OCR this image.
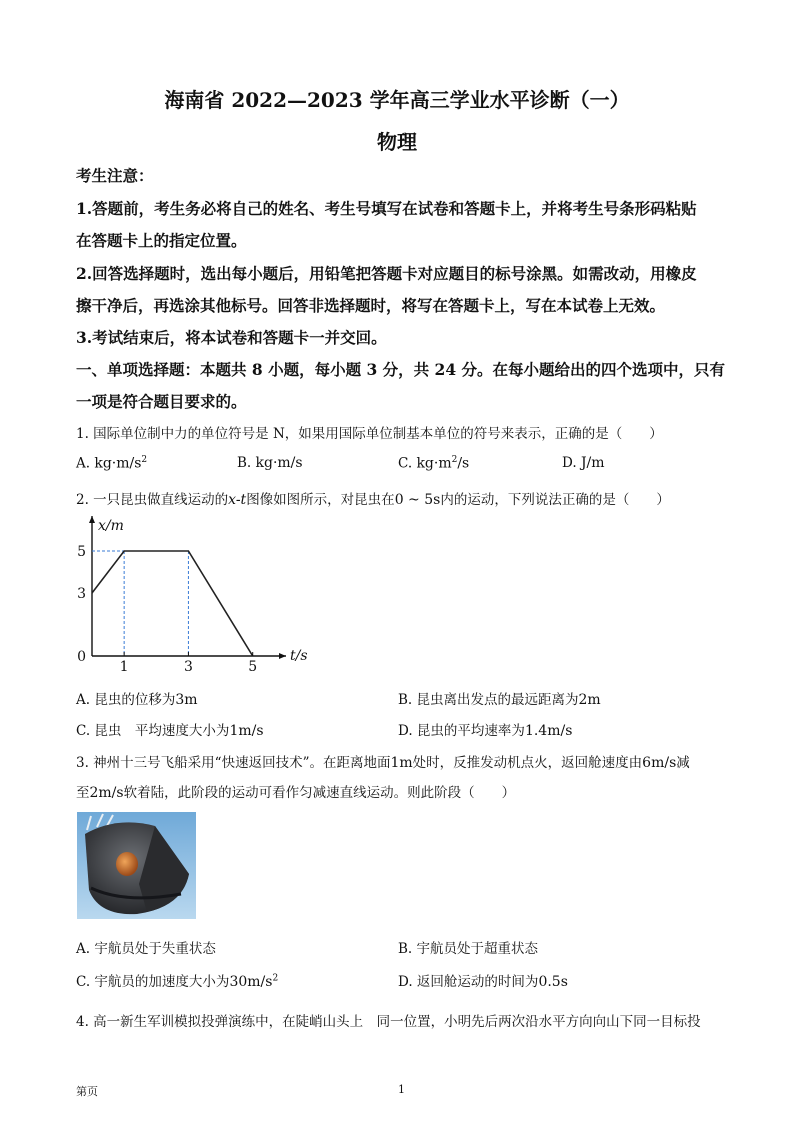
海南省 2022—2023 学年高三学业水平诊断（一）
物理
考生注意：
1.答题前，考生务必将自己的姓名、考生号填写在试卷和答题卡上，并将考生号条形码粘贴
在答题卡上的指定位置。
2.回答选择题时，选出每小题后，用铅笔把答题卡对应题目的标号涂黑。如需改动，用橡皮
擦干净后，再选涂其他标号。回答非选择题时，将写在答题卡上，写在本试卷上无效。
3.考试结束后，将本试卷和答题卡一并交回。
一、单项选择题：本题共 8 小题，每小题 3 分，共 24 分。在每小题给出的四个选项中，只有
一项是符合题目要求的。
1. 国际单位制中力的单位符号是 N，如果用国际单位制基本单位的符号来表示，正确的是（　　）
A. $kg\cdot m/s^2$	B. kg·m/s	C. $kg\cdot m^2/s$	D. J/m
2. 一只昆虫做直线运动的x-t图像如图所示，对昆虫在0 ~ 5s内的运动，下列说法正确的是（　　）
1	3	5
3
5
0	t/s
x/m
A. 昆虫的位移为3m	B. 昆虫离出发点的最远距离为2m
C. 昆虫　平均速度大小为1m/s	D. 昆虫的平均速率为1.4m/s
3. 神州十三号飞船采用“快速返回技术”。在距离地面1m处时，反推发动机点火，返回舱速度由6m/s减
至2m/s软着陆，此阶段的运动可看作匀减速直线运动。则此阶段（　　）
A. 宇航员处于失重状态	B. 宇航员处于超重状态
C. 宇航员的加速度大小为$30m/s^2$	D. 返回舱运动的时间为0.5s
4. 高一新生军训模拟投弹演练中，在陡峭山头上　同一位置，小明先后两次沿水平方向向山下同一目标投
第页	1
